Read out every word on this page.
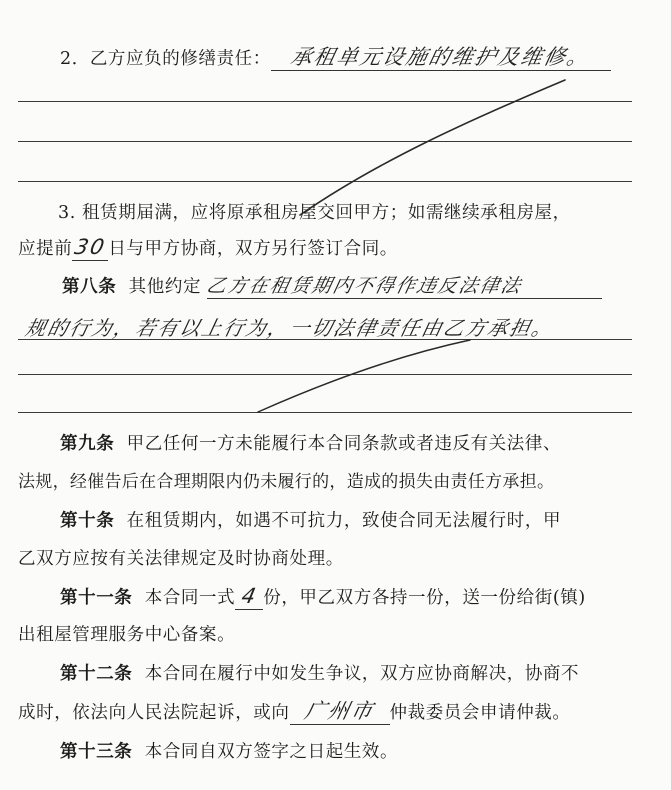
2．乙方应负的修缮责任： 承租单元设施的维护及维修。
3. 租赁期届满，应将原承租房屋交回甲方；如需继续承租房屋，
应提前30日与甲方协商，双方另行签订合同。
第八条 其他约定 乙方在租赁期内不得作违反法律法
规的行为，若有以上行为，一切法律责任由乙方承担。
第九条 甲乙任何一方未能履行本合同条款或者违反有关法律、
法规，经催告后在合理期限内仍未履行的，造成的损失由责任方承担。
第十条 在租赁期内，如遇不可抗力，致使合同无法履行时，甲
乙双方应按有关法律规定及时协商处理。
第十一条 本合同一式 4 份，甲乙双方各持一份，送一份给街(镇)
出租屋管理服务中心备案。
第十二条 本合同在履行中如发生争议，双方应协商解决，协商不
成时，依法向人民法院起诉，或向 广州市 仲裁委员会申请仲裁。
第十三条 本合同自双方签字之日起生效。
